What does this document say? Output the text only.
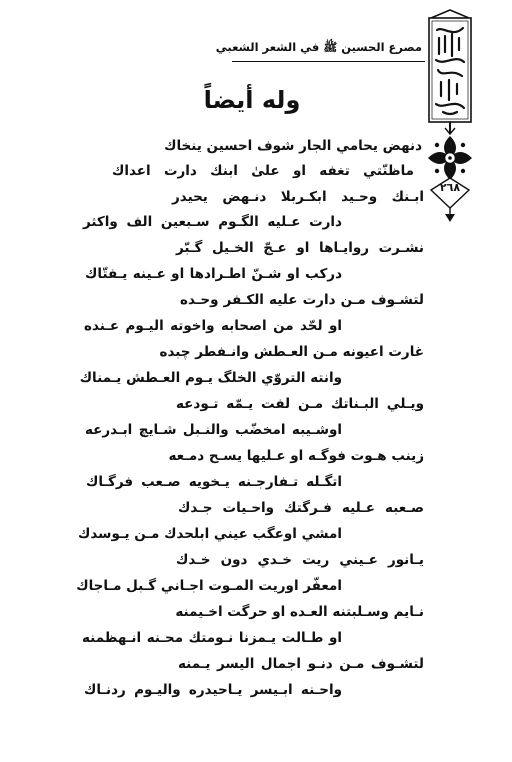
مصرع الحسين ﷺ في الشعر الشعبي
٢٦٨
وله أيضاً
دنهض يحامي الجار شوف احسين ينخاك
ماظنّتي تغفه او علىٰ ابنك دارت اعداك
ابـنك وحـيد ابكـربلا دنـهض يحيدر
دارت عـليه الگـوم سـبعين الف واكثر
نشـرت روايـاها او عـجّ الخـيل گـبّر
دركب او شـنّ اطـرادها او عـينه يـفتّاك
لتشـوف مـن دارت عليه الكـفر وحـده
او لحّد من اصحابه واخوته اليـوم عـنده
غارت اعيونه مـن العـطش وانـفطر چبده
وانته التروّي الخلگ يـوم العـطش يـمناك
ويـلي البـناتك مـن لفت يـمّه تـودعه
اوشـيبه امخضّب والنـبل شـايچ ابـدرعه
زينب هـوت فوگـه او عـليها يسـح دمـعه
اتگـله تـفارجـنه يـخويه صـعب فرگـاك
صـعبه عـليه فـرگتك واحـيات جـدك
امشي اوعگب عيني ابلحدك مـن يـوسدك
يـانور عـيني ريت خـدي دون خـدك
امعفّر اوريت المـوت اجـاني گـبل مـاجاك
نـايم وسـلبتنه العـده او حرگت اخـيمنه
او طـالت يـمزنا نـومتك محـنه انـهظمنه
لتشـوف مـن دنـو اجمال اليسر يـمنه
واحـنه ابـيسر يـاحيدره واليـوم ردنـاك
